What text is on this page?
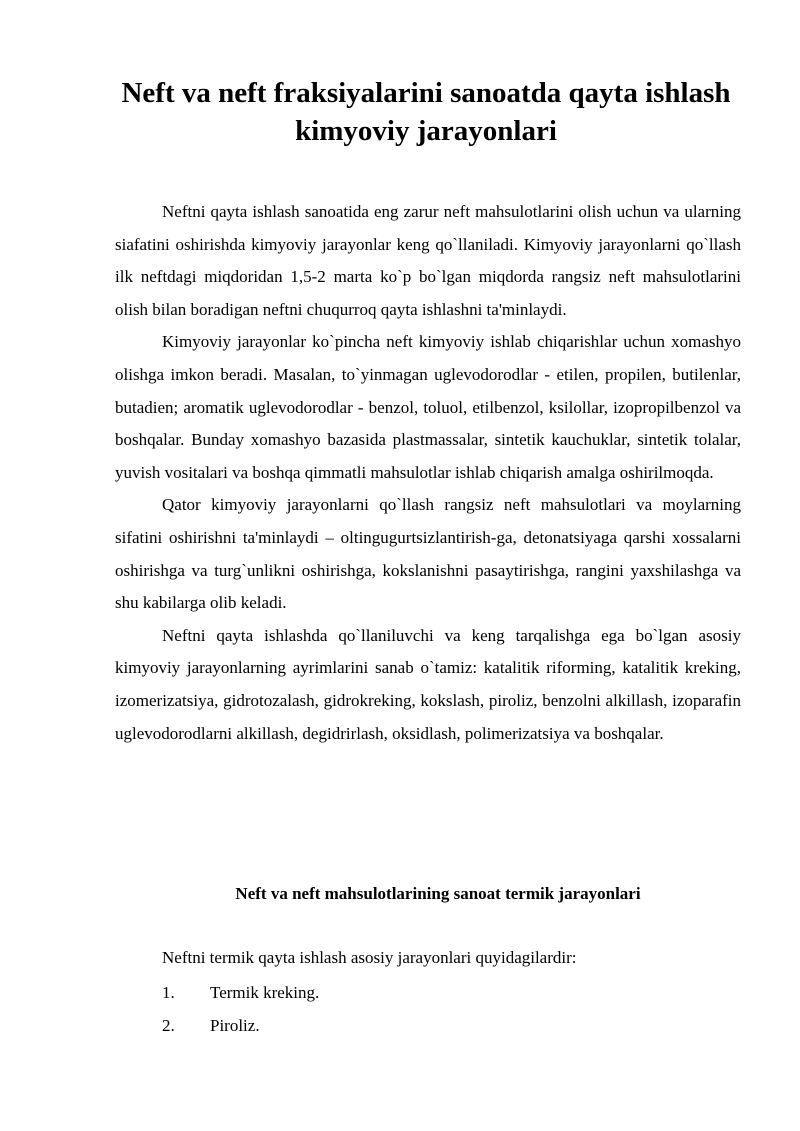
Neft va neft fraksiyalarini sanoatda qayta ishlash kimyoviy jarayonlari

Neftni qayta ishlash sanoatida eng zarur neft mahsulotlarini olish uchun va ularning siafatini oshirishda kimyoviy jarayonlar keng qo`llaniladi. Kimyoviy jarayonlarni qo`llash ilk neftdagi miqdoridan 1,5-2 marta ko`p bo`lgan miqdorda rangsiz neft mahsulotlarini olish bilan boradigan neftni chuqurroq qayta ishlashni ta'minlaydi.

Kimyoviy jarayonlar ko`pincha neft kimyoviy ishlab chiqarishlar uchun xomashyo olishga imkon beradi. Masalan, to`yinmagan uglevodorodlar - etilen, propilen, butilenlar, butadien; aromatik uglevodorodlar - benzol, toluol, etilbenzol, ksilollar, izopropilbenzol va boshqalar. Bunday xomashyo bazasida plastmassalar, sintetik kauchuklar, sintetik tolalar, yuvish vositalari va boshqa qimmatli mahsulotlar ishlab chiqarish amalga oshirilmoqda.

Qator kimyoviy jarayonlarni qo`llash rangsiz neft mahsulotlari va moylarning sifatini oshirishni ta'minlaydi – oltingugurtsizlantirish-ga, detonatsiyaga qarshi xossalarni oshirishga va turg`unlikni oshirishga, kokslanishni pasaytirishga, rangini yaxshilashga va shu kabilarga olib keladi.

Neftni qayta ishlashda qo`llaniluvchi va keng tarqalishga ega bo`lgan asosiy kimyoviy jarayonlarning ayrimlarini sanab o`tamiz: katalitik riforming, katalitik kreking, izomerizatsiya, gidrotozalash, gidrokreking, kokslash, piroliz, benzolni alkillash, izoparafin uglevodorodlarni alkillash, degidrirlash, oksidlash, polimerizatsiya va boshqalar.

Neft va neft mahsulotlarining sanoat termik jarayonlari

Neftni termik qayta ishlash asosiy jarayonlari quyidagilardir:

1. Termik kreking.
2. Piroliz.
